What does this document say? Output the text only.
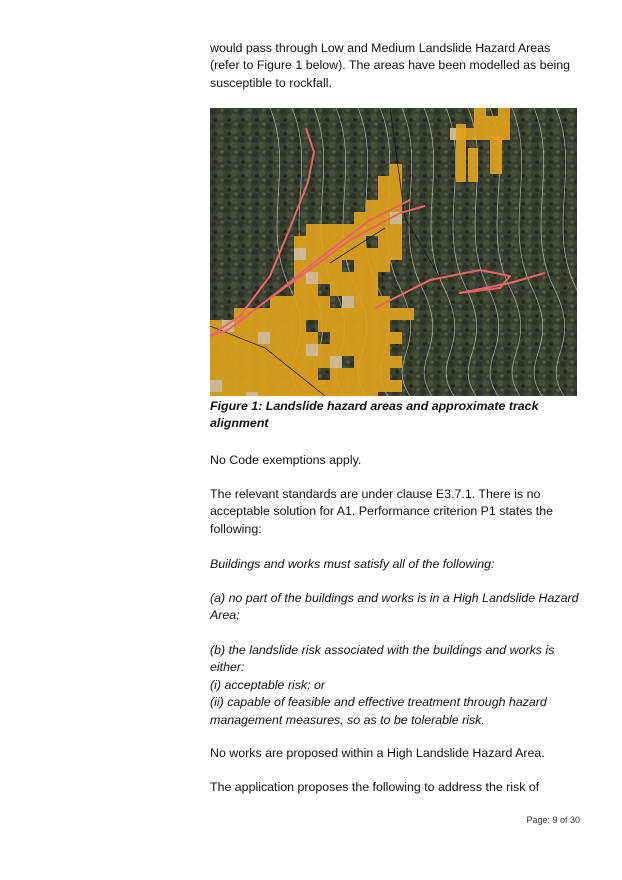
would pass through Low and Medium Landslide Hazard Areas (refer to Figure 1 below). The areas have been modelled as being susceptible to rockfall.

Figure 1: Landslide hazard areas and approximate track alignment
No Code exemptions apply.
The relevant standards are under clause E3.7.1. There is no acceptable solution for A1. Performance criterion P1 states the following:
Buildings and works must satisfy all of the following:
(a) no part of the buildings and works is in a High Landslide Hazard Area;

(b) the landslide risk associated with the buildings and works is either:

(i) acceptable risk; or

(ii) capable of feasible and effective treatment through hazard management measures, so as to be tolerable risk.

No works are proposed within a High Landslide Hazard Area.
The application proposes the following to address the risk of
Page: 9 of 30
